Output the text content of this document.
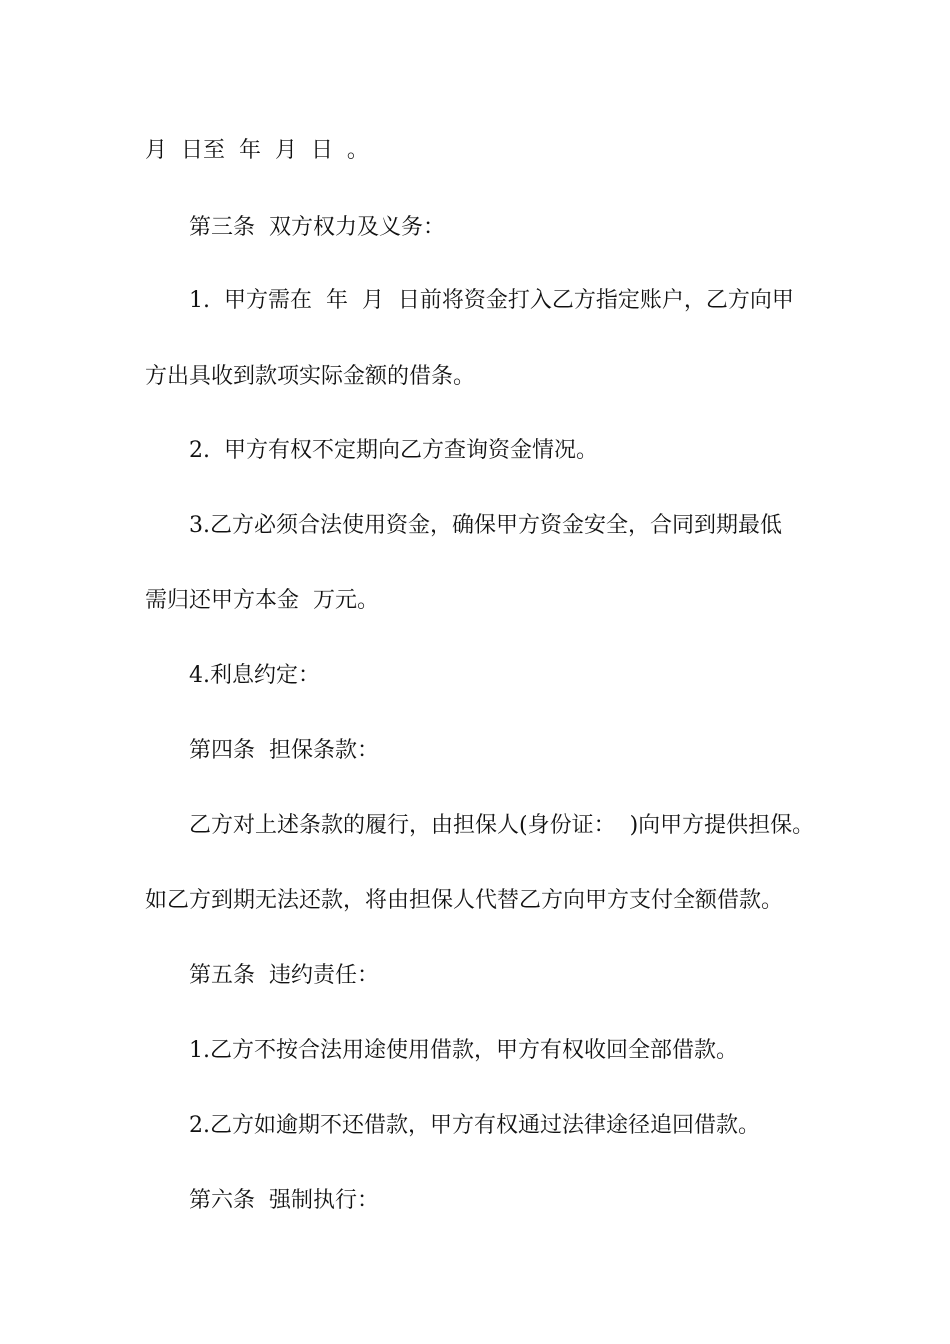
月  日至  年  月  日  。
第三条  双方权力及义务：
1.  甲方需在  年  月  日前将资金打入乙方指定账户，乙方向甲
方出具收到款项实际金额的借条。
2.  甲方有权不定期向乙方查询资金情况。
3.乙方必须合法使用资金，确保甲方资金安全，合同到期最低
需归还甲方本金  万元。
4.利息约定：
第四条  担保条款：
乙方对上述条款的履行，由担保人(身份证：  )向甲方提供担保。
如乙方到期无法还款，将由担保人代替乙方向甲方支付全额借款。
第五条  违约责任：
1.乙方不按合法用途使用借款，甲方有权收回全部借款。
2.乙方如逾期不还借款，甲方有权通过法律途径追回借款。
第六条  强制执行：
